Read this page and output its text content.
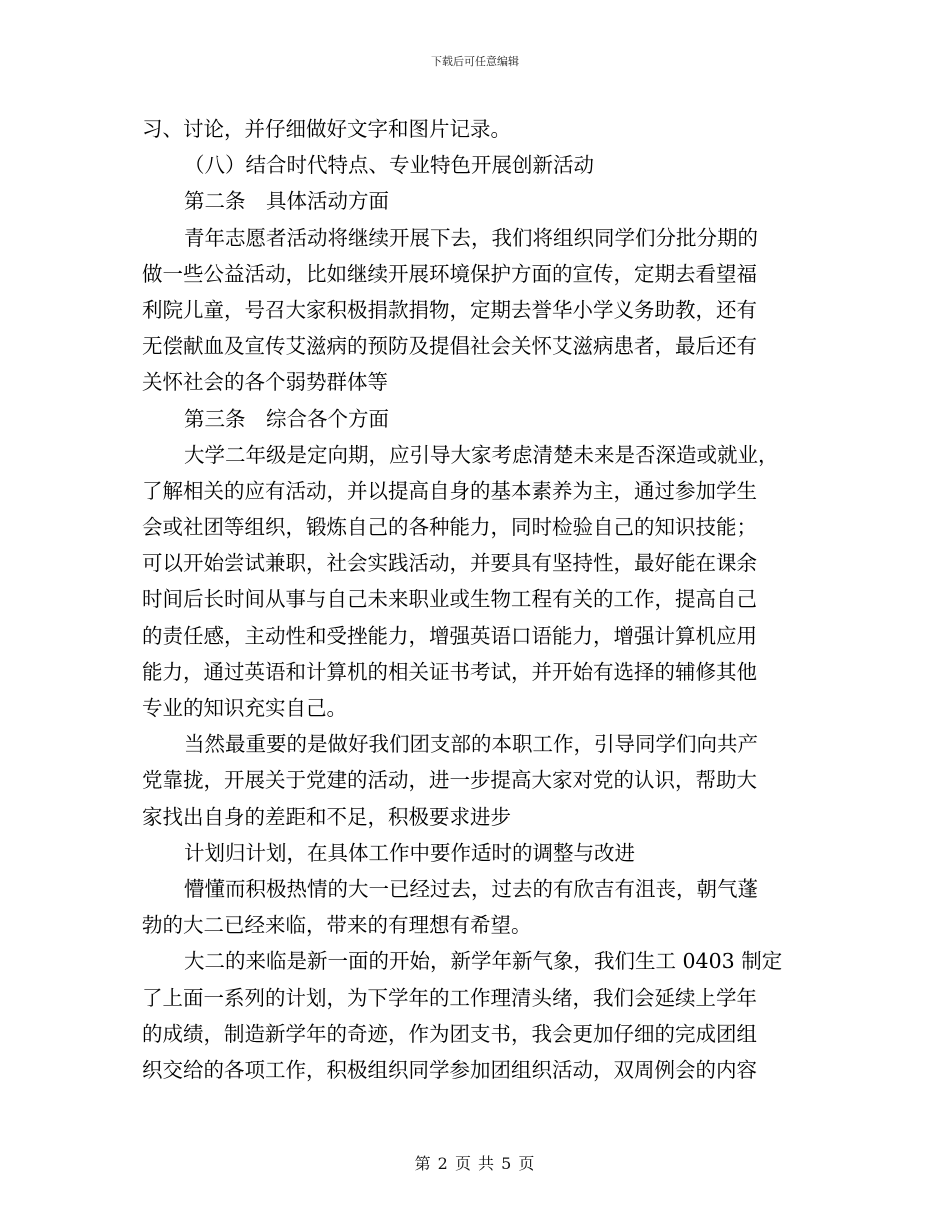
下载后可任意编辑
习、讨论，并仔细做好文字和图片记录。
（八）结合时代特点、专业特色开展创新活动
第二条　具体活动方面
青年志愿者活动将继续开展下去，我们将组织同学们分批分期的
做一些公益活动，比如继续开展环境保护方面的宣传，定期去看望福
利院儿童，号召大家积极捐款捐物，定期去誉华小学义务助教，还有
无偿献血及宣传艾滋病的预防及提倡社会关怀艾滋病患者，最后还有
关怀社会的各个弱势群体等
第三条　综合各个方面
大学二年级是定向期，应引导大家考虑清楚未来是否深造或就业，
了解相关的应有活动，并以提高自身的基本素养为主，通过参加学生
会或社团等组织，锻炼自己的各种能力，同时检验自己的知识技能；
可以开始尝试兼职，社会实践活动，并要具有坚持性，最好能在课余
时间后长时间从事与自己未来职业或生物工程有关的工作，提高自己
的责任感，主动性和受挫能力，增强英语口语能力，增强计算机应用
能力，通过英语和计算机的相关证书考试，并开始有选择的辅修其他
专业的知识充实自己。
当然最重要的是做好我们团支部的本职工作，引导同学们向共产
党靠拢，开展关于党建的活动，进一步提高大家对党的认识，帮助大
家找出自身的差距和不足，积极要求进步
计划归计划，在具体工作中要作适时的调整与改进
懵懂而积极热情的大一已经过去，过去的有欣吉有沮丧，朝气蓬
勃的大二已经来临，带来的有理想有希望。
大二的来临是新一面的开始，新学年新气象，我们生工 0403 制定
了上面一系列的计划，为下学年的工作理清头绪，我们会延续上学年
的成绩，制造新学年的奇迹，作为团支书，我会更加仔细的完成团组
织交给的各项工作，积极组织同学参加团组织活动，双周例会的内容
第 2 页 共 5 页
